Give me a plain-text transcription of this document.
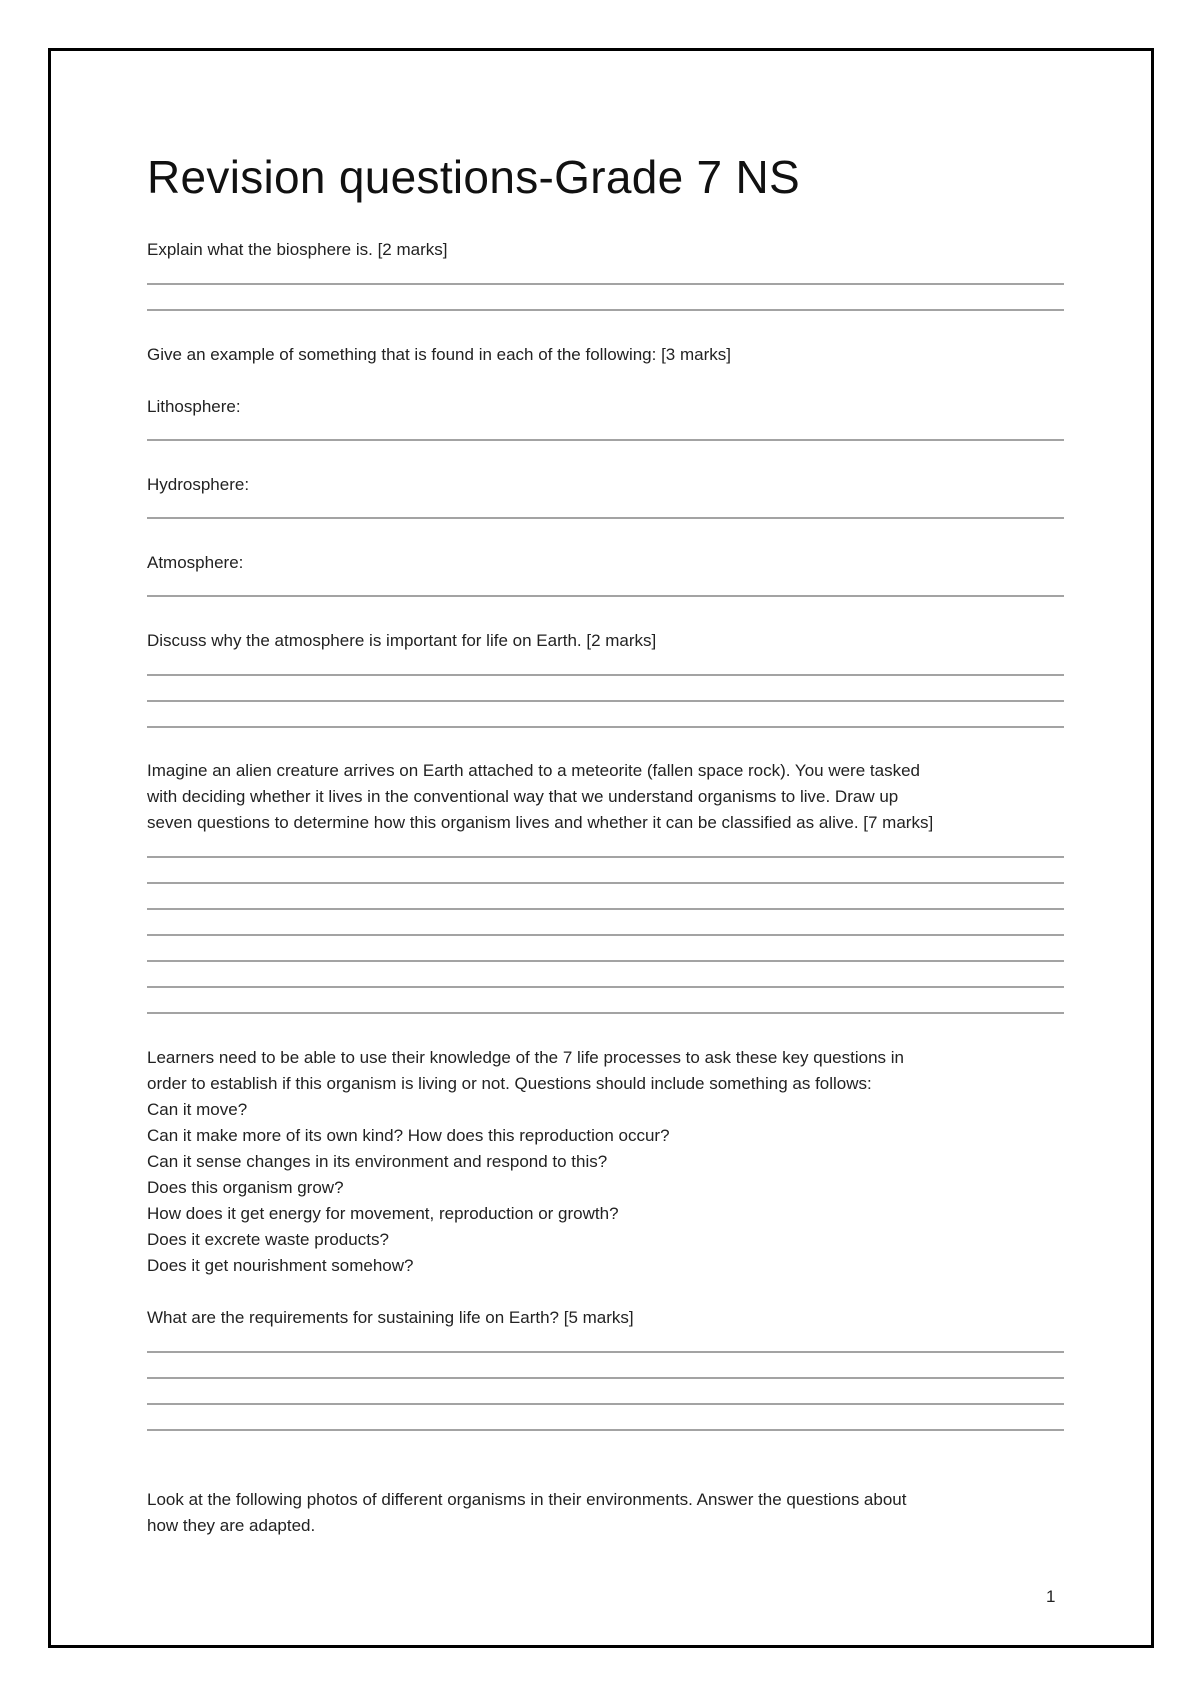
Revision questions-Grade 7 NS

Explain what the biosphere is. [2 marks]

Give an example of something that is found in each of the following: [3 marks]

Lithosphere:

Hydrosphere:

Atmosphere:

Discuss why the atmosphere is important for life on Earth. [2 marks]

Imagine an alien creature arrives on Earth attached to a meteorite (fallen space rock). You were tasked

with deciding whether it lives in the conventional way that we understand organisms to live. Draw up

seven questions to determine how this organism lives and whether it can be classified as alive. [7 marks]

Learners need to be able to use their knowledge of the 7 life processes to ask these key questions in

order to establish if this organism is living or not. Questions should include something as follows:

Can it move?

Can it make more of its own kind? How does this reproduction occur?

Can it sense changes in its environment and respond to this?

Does this organism grow?

How does it get energy for movement, reproduction or growth?

Does it excrete waste products?

Does it get nourishment somehow?

What are the requirements for sustaining life on Earth? [5 marks]

Look at the following photos of different organisms in their environments. Answer the questions about

how they are adapted.

1
